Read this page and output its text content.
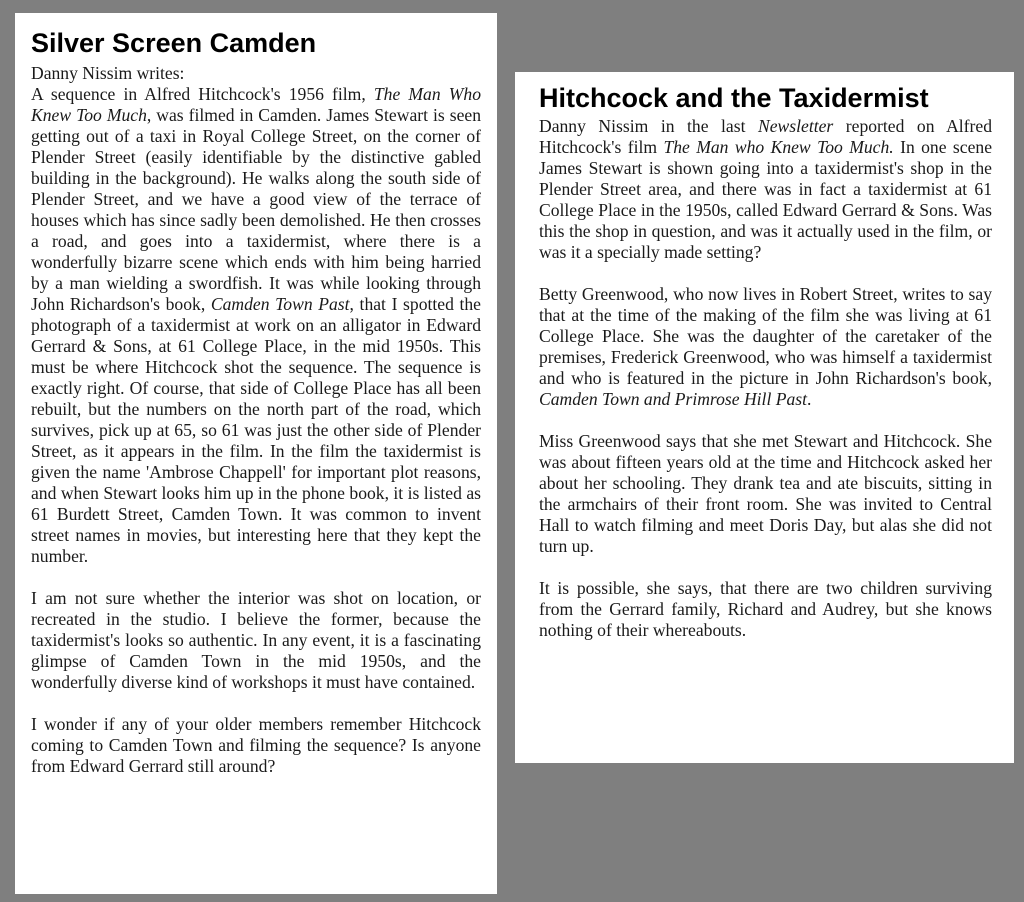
Silver Screen Camden

Danny Nissim writes:

A sequence in Alfred Hitchcock's 1956 film, The Man Who Knew Too Much, was filmed in Camden. James Stewart is seen getting out of a taxi in Royal College Street, on the corner of Plender Street (easily identifiable by the distinctive gabled building in the background). He walks along the south side of Plender Street, and we have a good view of the terrace of houses which has since sadly been demolished. He then crosses a road, and goes into a taxidermist, where there is a wonderfully bizarre scene which ends with him being harried by a man wielding a swordfish. It was while looking through John Richardson's book, Camden Town Past, that I spotted the photograph of a taxidermist at work on an alligator in Edward Gerrard & Sons, at 61 College Place, in the mid 1950s. This must be where Hitchcock shot the sequence. The sequence is exactly right. Of course, that side of College Place has all been rebuilt, but the numbers on the north part of the road, which survives, pick up at 65, so 61 was just the other side of Plender Street, as it appears in the film. In the film the taxidermist is given the name 'Ambrose Chappell' for important plot reasons, and when Stewart looks him up in the phone book, it is listed as 61 Burdett Street, Camden Town. It was common to invent street names in movies, but interesting here that they kept the number.

I am not sure whether the interior was shot on location, or recreated in the studio. I believe the former, because the taxidermist's looks so authentic. In any event, it is a fascinating glimpse of Camden Town in the mid 1950s, and the wonderfully diverse kind of workshops it must have contained.

I wonder if any of your older members remember Hitchcock coming to Camden Town and filming the sequence? Is anyone from Edward Gerrard still around?

Hitchcock and the Taxidermist

Danny Nissim in the last Newsletter reported on Alfred Hitchcock's film The Man who Knew Too Much. In one scene James Stewart is shown going into a taxidermist's shop in the Plender Street area, and there was in fact a taxidermist at 61 College Place in the 1950s, called Edward Gerrard & Sons. Was this the shop in question, and was it actually used in the film, or was it a specially made setting?

Betty Greenwood, who now lives in Robert Street, writes to say that at the time of the making of the film she was living at 61 College Place. She was the daughter of the caretaker of the premises, Frederick Greenwood, who was himself a taxidermist and who is featured in the picture in John Richardson's book, Camden Town and Primrose Hill Past.

Miss Greenwood says that she met Stewart and Hitchcock. She was about fifteen years old at the time and Hitchcock asked her about her schooling. They drank tea and ate biscuits, sitting in the armchairs of their front room. She was invited to Central Hall to watch filming and meet Doris Day, but alas she did not turn up.

It is possible, she says, that there are two children surviving from the Gerrard family, Richard and Audrey, but she knows nothing of their whereabouts.
